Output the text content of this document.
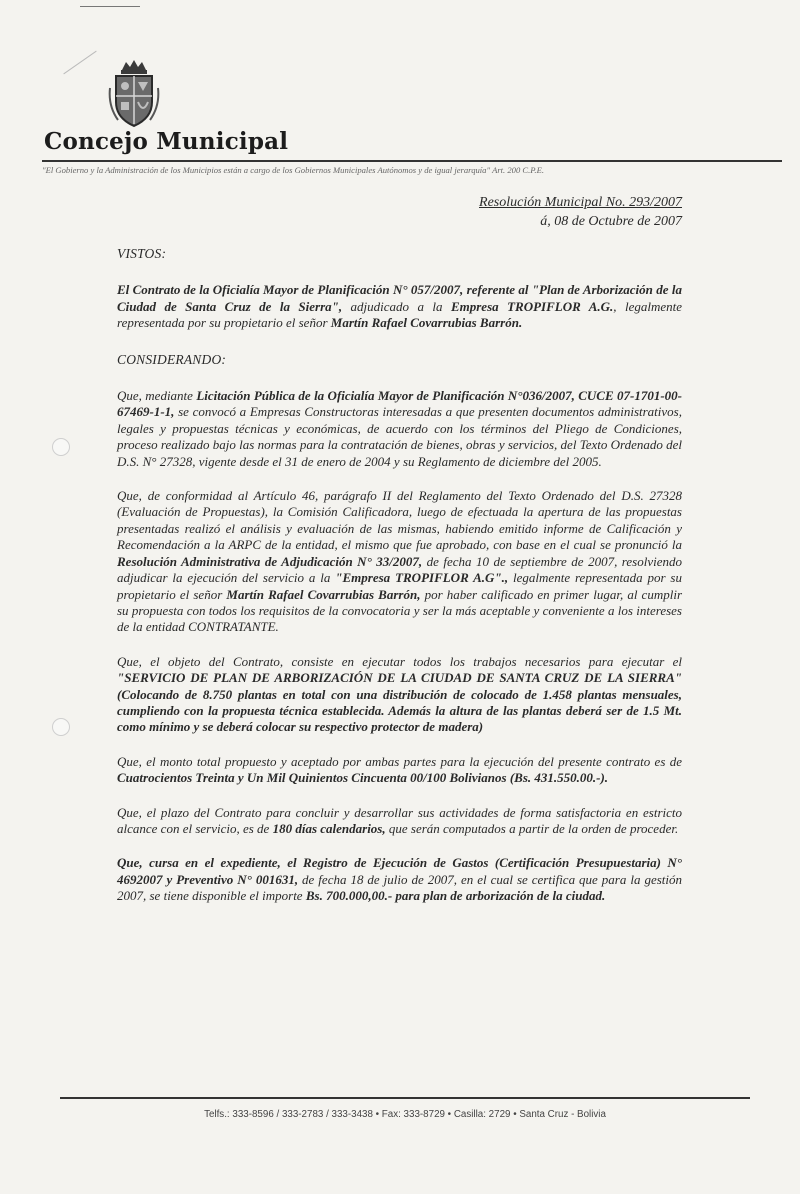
Concejo Municipal
"El Gobierno y la Administración de los Municipios están a cargo de los Gobiernos Municipales Autónomos y de igual jerarquía" Art. 200 C.P.E.
Resolución Municipal No. 293/2007
á, 08 de Octubre de 2007
VISTOS:

El Contrato de la Oficialía Mayor de Planificación N° 057/2007, referente al "Plan de Arborización de la Ciudad de Santa Cruz de la Sierra", adjudicado a la Empresa TROPIFLOR A.G., legalmente representada por su propietario el señor Martín Rafael Covarrubias Barrón.

CONSIDERANDO:

Que, mediante Licitación Pública de la Oficialía Mayor de Planificación N°036/2007, CUCE 07-1701-00-67469-1-1, se convocó a Empresas Constructoras interesadas a que presenten documentos administrativos, legales y propuestas técnicas y económicas, de acuerdo con los términos del Pliego de Condiciones, proceso realizado bajo las normas para la contratación de bienes, obras y servicios, del Texto Ordenado del D.S. N° 27328, vigente desde el 31 de enero de 2004 y su Reglamento de diciembre del 2005.

Que, de conformidad al Artículo 46, parágrafo II del Reglamento del Texto Ordenado del D.S. 27328 (Evaluación de Propuestas), la Comisión Calificadora, luego de efectuada la apertura de las propuestas presentadas realizó el análisis y evaluación de las mismas, habiendo emitido informe de Calificación y Recomendación a la ARPC de la entidad, el mismo que fue aprobado, con base en el cual se pronunció la Resolución Administrativa de Adjudicación N° 33/2007, de fecha 10 de septiembre de 2007, resolviendo adjudicar la ejecución del servicio a la "Empresa TROPIFLOR A.G"., legalmente representada por su propietario el señor Martín Rafael Covarrubias Barrón, por haber calificado en primer lugar, al cumplir su propuesta con todos los requisitos de la convocatoria y ser la más aceptable y conveniente a los intereses de la entidad CONTRATANTE.

Que, el objeto del Contrato, consiste en ejecutar todos los trabajos necesarios para ejecutar el "SERVICIO DE PLAN DE ARBORIZACIÓN DE LA CIUDAD DE SANTA CRUZ DE LA SIERRA" (Colocando de 8.750 plantas en total con una distribución de colocado de 1.458 plantas mensuales, cumpliendo con la propuesta técnica establecida. Además la altura de las plantas deberá ser de 1.5 Mt. como mínimo y se deberá colocar su respectivo protector de madera)

Que, el monto total propuesto y aceptado por ambas partes para la ejecución del presente contrato es de Cuatrocientos Treinta y Un Mil Quinientos Cincuenta 00/100 Bolivianos (Bs. 431.550.00.-).

Que, el plazo del Contrato para concluir y desarrollar sus actividades de forma satisfactoria en estricto alcance con el servicio, es de 180 días calendarios, que serán computados a partir de la orden de proceder.

Que, cursa en el expediente, el Registro de Ejecución de Gastos (Certificación Presupuestaria) N° 4692007 y Preventivo N° 001631, de fecha 18 de julio de 2007, en el cual se certifica que para la gestión 2007, se tiene disponible el importe Bs. 700.000,00.- para plan de arborización de la ciudad.

Telfs.: 333-8596 / 333-2783 / 333-3438 • Fax: 333-8729 • Casilla: 2729 • Santa Cruz - Bolivia
